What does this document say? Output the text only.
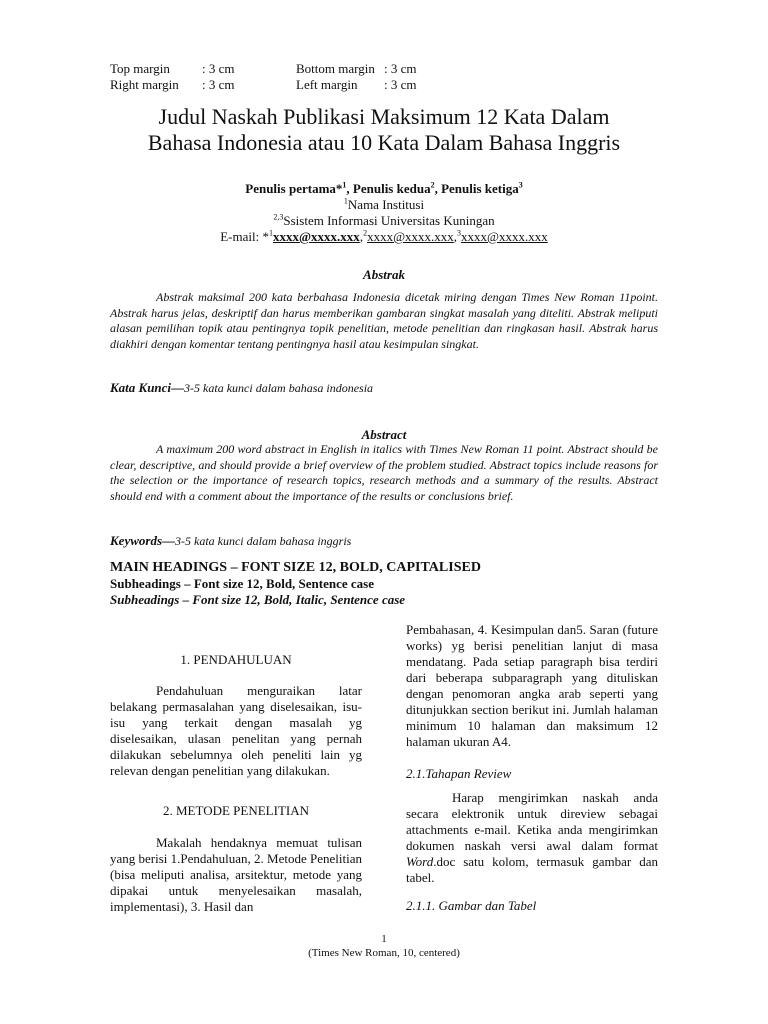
Top margin	: 3 cm	Bottom margin : 3 cm
Right margin	: 3 cm	Left margin	: 3 cm
Judul Naskah Publikasi Maksimum 12 Kata Dalam
Bahasa Indonesia atau 10 Kata Dalam Bahasa Inggris
Penulis pertama*$^1$, Penulis kedua$^2$, Penulis ketiga$^3$
$^1$Nama Institusi
$^{2,3}$Ssistem Informasi Universitas Kuningan
E-mail: *$^1$xxxx@xxxx.xxx,$^2$xxxx@xxxx.xxx,$^3$xxxx@xxxx.xxx
Abstrak
Abstrak maksimal 200 kata berbahasa Indonesia dicetak miring dengan Times New Roman 11point. Abstrak harus jelas, deskriptif dan harus memberikan gambaran singkat masalah yang diteliti. Abstrak meliputi alasan pemilihan topik atau pentingnya topik penelitian, metode penelitian dan ringkasan hasil. Abstrak harus diakhiri dengan komentar tentang pentingnya hasil atau kesimpulan singkat.
Kata Kunci—3-5 kata kunci dalam bahasa indonesia
Abstract
A maximum 200 word abstract in English in italics with Times New Roman 11 point. Abstract should be clear, descriptive, and should provide a brief overview of the problem studied. Abstract topics include reasons for the selection or the importance of research topics, research methods and a summary of the results. Abstract should end with a comment about the importance of the results or conclusions brief.
Keywords—3-5 kata kunci dalam bahasa inggris
MAIN HEADINGS – FONT SIZE 12, BOLD, CAPITALISED
Subheadings – Font size 12, Bold, Sentence case
Subheadings – Font size 12, Bold, Italic, Sentence case

1. PENDAHULUAN

Pendahuluan menguraikan latar belakang permasalahan yang diselesaikan, isu-isu yang terkait dengan masalah yg diselesaikan, ulasan penelitan yang pernah dilakukan sebelumnya oleh peneliti lain yg relevan dengan penelitian yang dilakukan.

2. METODE PENELITIAN

Makalah hendaknya memuat tulisan yang berisi 1.Pendahuluan, 2. Metode Penelitian (bisa meliputi analisa, arsitektur, metode yang dipakai untuk menyelesaikan masalah, implementasi), 3. Hasil dan

Pembahasan, 4. Kesimpulan dan5. Saran (future works) yg berisi penelitian lanjut di masa mendatang. Pada setiap paragraph bisa terdiri dari beberapa subparagraph yang dituliskan dengan penomoran angka arab seperti yang ditunjukkan section berikut ini. Jumlah halaman minimum 10 halaman dan maksimum 12 halaman ukuran A4.

2.1.Tahapan Review

Harap mengirimkan naskah anda secara elektronik untuk direview sebagai attachments e-mail. Ketika anda mengirimkan dokumen naskah versi awal dalam format Word.doc satu kolom, termasuk gambar dan tabel.

2.1.1. Gambar dan Tabel

1
(Times New Roman, 10, centered)
